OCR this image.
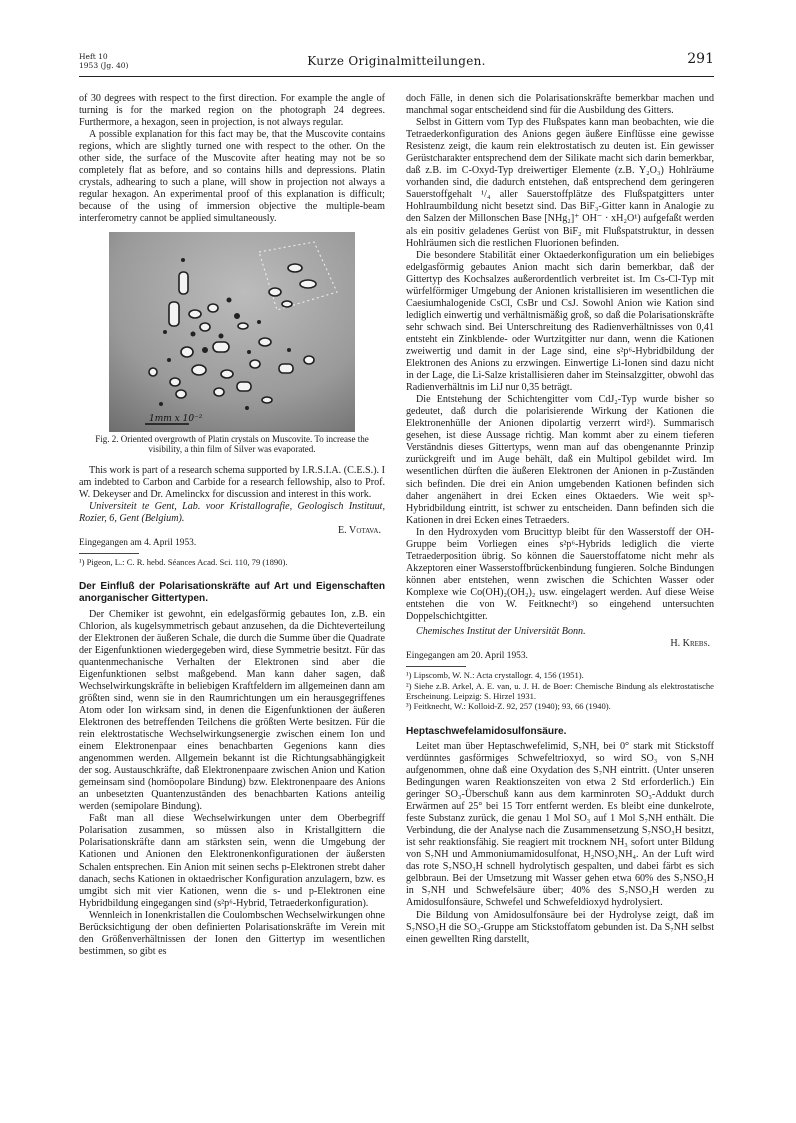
Heft 10
1953 (Jg. 40)	Kurze Originalmitteilungen.	291

of 30 degrees with respect to the first direction. For example the angle of turning is for the marked region on the photograph 24 degrees. Furthermore, a hexagon, seen in projection, is not always regular.

A possible explanation for this fact may be, that the Muscovite contains regions, which are slightly turned one with respect to the other. On the other side, the surface of the Muscovite after heating may not be so completely flat as before, and so contains hills and depressions. Platin crystals, adhearing to such a plane, will show in projection not always a regular hexagon. An experimental proof of this explanation is difficult; because of the using of immersion objective the multiple-beam interferometry cannot be applied simultaneously.

1mm x 10⁻²

Fig. 2. Oriented overgrowth of Platin crystals on Muscovite. To increase the visibility, a thin film of Silver was evaporated.

This work is part of a research schema supported by I.R.S.I.A. (C.E.S.). I am indebted to Carbon and Carbide for a research fellowship, also to Prof. W. Dekeyser and Dr. Amelinckx for discussion and interest in this work.

Universiteit te Gent, Lab. voor Kristallografie, Geologisch Instituut, Rozier, 6, Gent (Belgium).

E. Votava.

Eingegangen am 4. April 1953.

¹) Pigeon, L.: C. R. hebd. Séances Acad. Sci. 110, 79 (1890).

Der Einfluß der Polarisationskräfte auf Art und Eigenschaften anorganischer Gittertypen.

Der Chemiker ist gewohnt, ein edelgasförmig gebautes Ion, z.B. ein Chlorion, als kugelsymmetrisch gebaut anzusehen, da die Dichteverteilung der Elektronen der äußeren Schale, die durch die Summe über die Quadrate der Eigenfunktionen wiedergegeben wird, diese Symmetrie besitzt. Für das quantenmechanische Verhalten der Elektronen sind aber die Eigenfunktionen selbst maßgebend. Man kann daher sagen, daß Wechselwirkungskräfte in beliebigen Kraftfeldern im allgemeinen dann am größten sind, wenn sie in den Raumrichtungen um ein herausgegriffenes Atom oder Ion wirksam sind, in denen die Eigenfunktionen der äußeren Elektronen des betreffenden Teilchens die größten Werte besitzen. Für die rein elektrostatische Wechselwirkungsenergie zwischen einem Ion und einem Elektronenpaar eines benachbarten Gegenions kann dies angenommen werden. Allgemein bekannt ist die Richtungsabhängigkeit der sog. Austauschkräfte, daß Elektronenpaare zwischen Anion und Kation gemeinsam sind (homöopolare Bindung) bzw. Elektronenpaare des Anions an unbesetzten Quantenzuständen des benachbarten Kations anteilig werden (semipolare Bindung).

Faßt man all diese Wechselwirkungen unter dem Oberbegriff Polarisation zusammen, so müssen also in Kristallgittern die Polarisationskräfte dann am stärksten sein, wenn die Umgebung der Kationen und Anionen den Elektronenkonfigurationen der äußersten Schalen entsprechen. Ein Anion mit seinen sechs p-Elektronen strebt daher danach, sechs Kationen in oktaedrischer Konfiguration anzulagern, bzw. es umgibt sich mit vier Kationen, wenn die s- und p-Elektronen eine Hybridbildung eingegangen sind (s²p⁶-Hybrid, Tetraederkonfiguration).

Wennleich in Ionenkristallen die Coulombschen Wechselwirkungen ohne Berücksichtigung der oben definierten Polarisationskräfte im Verein mit den Größenverhältnissen der Ionen den Gittertyp im wesentlichen bestimmen, so gibt es

doch Fälle, in denen sich die Polarisationskräfte bemerkbar machen und manchmal sogar entscheidend sind für die Ausbildung des Gitters.

Selbst in Gittern vom Typ des Flußspates kann man beobachten, wie die Tetraederkonfiguration des Anions gegen äußere Einflüsse eine gewisse Resistenz zeigt, die kaum rein elektrostatisch zu deuten ist. Ein gewisser Gerüstcharakter entsprechend dem der Silikate macht sich darin bemerkbar, daß z.B. im C-Oxyd-Typ dreiwertiger Elemente (z.B. Y₂O₃) Hohlräume vorhanden sind, die dadurch entstehen, daß entsprechend dem geringeren Sauerstoffgehalt ¹/₄ aller Sauerstoffplätze des Flußspatgitters unter Hohlraumbildung nicht besetzt sind. Das BiF₃-Gitter kann in Analogie zu den Salzen der Millonschen Base [NHg₂]⁺ OH⁻ · xH₂O¹) aufgefaßt werden als ein positiv geladenes Gerüst von BiF₂ mit Flußspatstruktur, in dessen Hohlräumen sich die restlichen Fluorionen befinden.

Die besondere Stabilität einer Oktaederkonfiguration um ein beliebiges edelgasförmig gebautes Anion macht sich darin bemerkbar, daß der Gittertyp des Kochsalzes außerordentlich verbreitet ist. Im Cs-Cl-Typ mit würfelförmiger Umgebung der Anionen kristallisieren im wesentlichen die Caesiumhalogenide CsCl, CsBr und CsJ. Sowohl Anion wie Kation sind lediglich einwertig und verhältnismäßig groß, so daß die Polarisationskräfte sehr schwach sind. Bei Unterschreitung des Radienverhältnisses von 0,41 entsteht ein Zinkblende- oder Wurtzitgitter nur dann, wenn die Kationen zweiwertig und damit in der Lage sind, eine s²p⁶-Hybridbildung der Elektronen des Anions zu erzwingen. Einwertige Li-Ionen sind dazu nicht in der Lage, die Li-Salze kristallisieren daher im Steinsalzgitter, obwohl das Radienverhältnis im LiJ nur 0,35 beträgt.

Die Entstehung der Schichtengitter vom CdJ₂-Typ wurde bisher so gedeutet, daß durch die polarisierende Wirkung der Kationen die Elektronenhülle der Anionen dipolartig verzerrt wird²). Summarisch gesehen, ist diese Aussage richtig. Man kommt aber zu einem tieferen Verständnis dieses Gittertyps, wenn man auf das obengenannte Prinzip zurückgreift und im Auge behält, daß ein Multipol gebildet wird. Im wesentlichen dürften die äußeren Elektronen der Anionen in p-Zuständen sich befinden. Die drei ein Anion umgebenden Kationen befinden sich daher angenähert in drei Ecken eines Oktaeders. Wie weit sp³-Hybridbildung eintritt, ist schwer zu entscheiden. Dann befinden sich die Kationen in drei Ecken eines Tetraeders.

In den Hydroxyden vom Brucittyp bleibt für den Wasserstoff der OH-Gruppe beim Vorliegen eines s²p⁶-Hybrids lediglich die vierte Tetraederposition übrig. So können die Sauerstoffatome nicht mehr als Akzeptoren einer Wasserstoffbrückenbindung fungieren. Solche Bindungen können aber entstehen, wenn zwischen die Schichten Wasser oder Komplexe wie Co(OH)₂(OH₂)₂ usw. eingelagert werden. Auf diese Weise entstehen die von W. Feitknecht³) so eingehend untersuchten Doppelschichtgitter.

Chemisches Institut der Universität Bonn.

H. Krebs.

Eingegangen am 20. April 1953.

¹) Lipscomb, W. N.: Acta crystallogr. 4, 156 (1951).

²) Siehe z.B. Arkel, A. E. van, u. J. H. de Boer: Chemische Bindung als elektrostatische Erscheinung. Leipzig: S. Hirzel 1931.

³) Feitknecht, W.: Kolloid-Z. 92, 257 (1940); 93, 66 (1940).

Heptaschwefelamidosulfonsäure.

Leitet man über Heptaschwefelimid, S₇NH, bei 0° stark mit Stickstoff verdünntes gasförmiges Schwefeltrioxyd, so wird SO₃ von S₇NH aufgenommen, ohne daß eine Oxydation des S₇NH eintritt. (Unter unseren Bedingungen waren Reaktionszeiten von etwa 2 Std erforderlich.) Ein geringer SO₃-Überschuß kann aus dem karminroten SO₃-Addukt durch Erwärmen auf 25° bei 15 Torr entfernt werden. Es bleibt eine dunkelrote, feste Substanz zurück, die genau 1 Mol SO₃ auf 1 Mol S₇NH enthält. Die Verbindung, die der Analyse nach die Zusammensetzung S₇NSO₃H besitzt, ist sehr reaktionsfähig. Sie reagiert mit trocknem NH₃ sofort unter Bildung von S₇NH und Ammoniumamidosulfonat, H₂NSO₃NH₄. An der Luft wird das rote S₇NSO₃H schnell hydrolytisch gespalten, und dabei färbt es sich gelbbraun. Bei der Umsetzung mit Wasser gehen etwa 60% des S₇NSO₃H in S₇NH und Schwefelsäure über; 40% des S₇NSO₃H werden zu Amidosulfonsäure, Schwefel und Schwefeldioxyd hydrolysiert.

Die Bildung von Amidosulfonsäure bei der Hydrolyse zeigt, daß im S₇NSO₃H die SO₃-Gruppe am Stickstoffatom gebunden ist. Da S₇NH selbst einen gewellten Ring darstellt,
